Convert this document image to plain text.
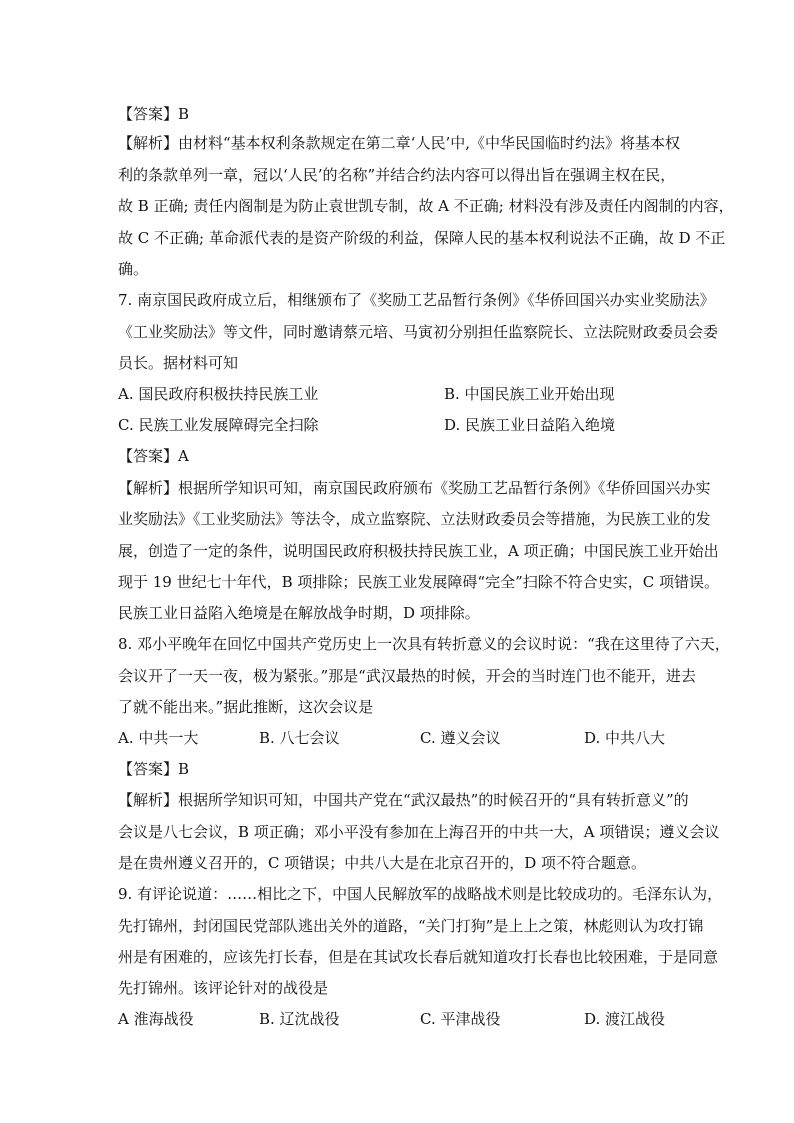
【答案】B
【解析】由材料“基本权利条款规定在第二章‘人民’中,《中华民国临时约法》将基本权
利的条款单列一章，冠以‘人民’的名称”并结合约法内容可以得出旨在强调主权在民，
故 B 正确; 责任内阁制是为防止袁世凯专制，故 A 不正确; 材料没有涉及责任内阁制的内容，
故 C 不正确; 革命派代表的是资产阶级的利益，保障人民的基本权利说法不正确，故 D 不正
确。
7. 南京国民政府成立后，相继颁布了《奖励工艺品暂行条例》《华侨回国兴办实业奖励法》
《工业奖励法》等文件，同时邀请蔡元培、马寅初分别担任监察院长、立法院财政委员会委
员长。据材料可知
A. 国民政府积极扶持民族工业	B. 中国民族工业开始出现
C. 民族工业发展障碍完全扫除	D. 民族工业日益陷入绝境
【答案】A
【解析】根据所学知识可知，南京国民政府颁布《奖励工艺品暂行条例》《华侨回国兴办实
业奖励法》《工业奖励法》等法令，成立监察院、立法财政委员会等措施，为民族工业的发
展，创造了一定的条件，说明国民政府积极扶持民族工业，A 项正确；中国民族工业开始出
现于 19 世纪七十年代，B 项排除；民族工业发展障碍“完全”扫除不符合史实，C 项错误。
民族工业日益陷入绝境是在解放战争时期，D 项排除。
8. 邓小平晚年在回忆中国共产党历史上一次具有转折意义的会议时说：“我在这里待了六天，
会议开了一天一夜，极为紧张。”那是“武汉最热的时候，开会的当时连门也不能开，进去
了就不能出来。”据此推断，这次会议是
A. 中共一大	B. 八七会议	C. 遵义会议	D. 中共八大
【答案】B
【解析】根据所学知识可知，中国共产党在“武汉最热”的时候召开的“具有转折意义”的
会议是八七会议，B 项正确；邓小平没有参加在上海召开的中共一大，A 项错误；遵义会议
是在贵州遵义召开的，C 项错误；中共八大是在北京召开的，D 项不符合题意。
9. 有评论说道：……相比之下，中国人民解放军的战略战术则是比较成功的。毛泽东认为，
先打锦州，封闭国民党部队逃出关外的道路，“关门打狗”是上上之策，林彪则认为攻打锦
州是有困难的，应该先打长春，但是在其试攻长春后就知道攻打长春也比较困难，于是同意
先打锦州。该评论针对的战役是
A 淮海战役	B. 辽沈战役	C. 平津战役	D. 渡江战役
